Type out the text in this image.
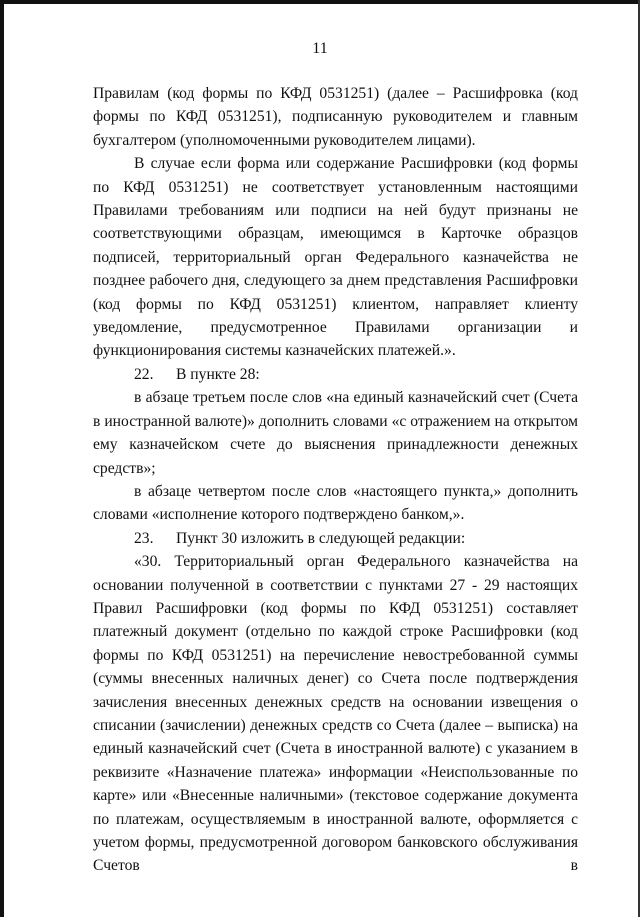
11

Правилам (код формы по КФД 0531251) (далее – Расшифровка (код формы по КФД 0531251), подписанную руководителем и главным бухгалтером (уполномоченными руководителем лицами).

В случае если форма или содержание Расшифровки (код формы по КФД 0531251) не соответствует установленным настоящими Правилами требованиям или подписи на ней будут признаны не соответствующими образцам, имеющимся в Карточке образцов подписей, территориальный орган Федерального казначейства не позднее рабочего дня, следующего за днем представления Расшифровки (код формы по КФД 0531251) клиентом, направляет клиенту уведомление, предусмотренное Правилами организации и функционирования системы казначейских платежей.».

22. В пункте 28:

в абзаце третьем после слов «на единый казначейский счет (Счета в иностранной валюте)» дополнить словами «с отражением на открытом ему казначейском счете до выяснения принадлежности денежных средств»;

в абзаце четвертом после слов «настоящего пункта,» дополнить словами «исполнение которого подтверждено банком,».

23. Пункт 30 изложить в следующей редакции:

«30. Территориальный орган Федерального казначейства на основании полученной в соответствии с пунктами 27 - 29 настоящих Правил Расшифровки (код формы по КФД 0531251) составляет платежный документ (отдельно по каждой строке Расшифровки (код формы по КФД 0531251) на перечисление невостребованной суммы (суммы внесенных наличных денег) со Счета после подтверждения зачисления внесенных денежных средств на основании извещения о списании (зачислении) денежных средств со Счета (далее – выписка) на единый казначейский счет (Счета в иностранной валюте) с указанием в реквизите «Назначение платежа» информации «Неиспользованные по карте» или «Внесенные наличными» (текстовое содержание документа по платежам, осуществляемым в иностранной валюте, оформляется с учетом формы, предусмотренной договором банковского обслуживания Счетов в
